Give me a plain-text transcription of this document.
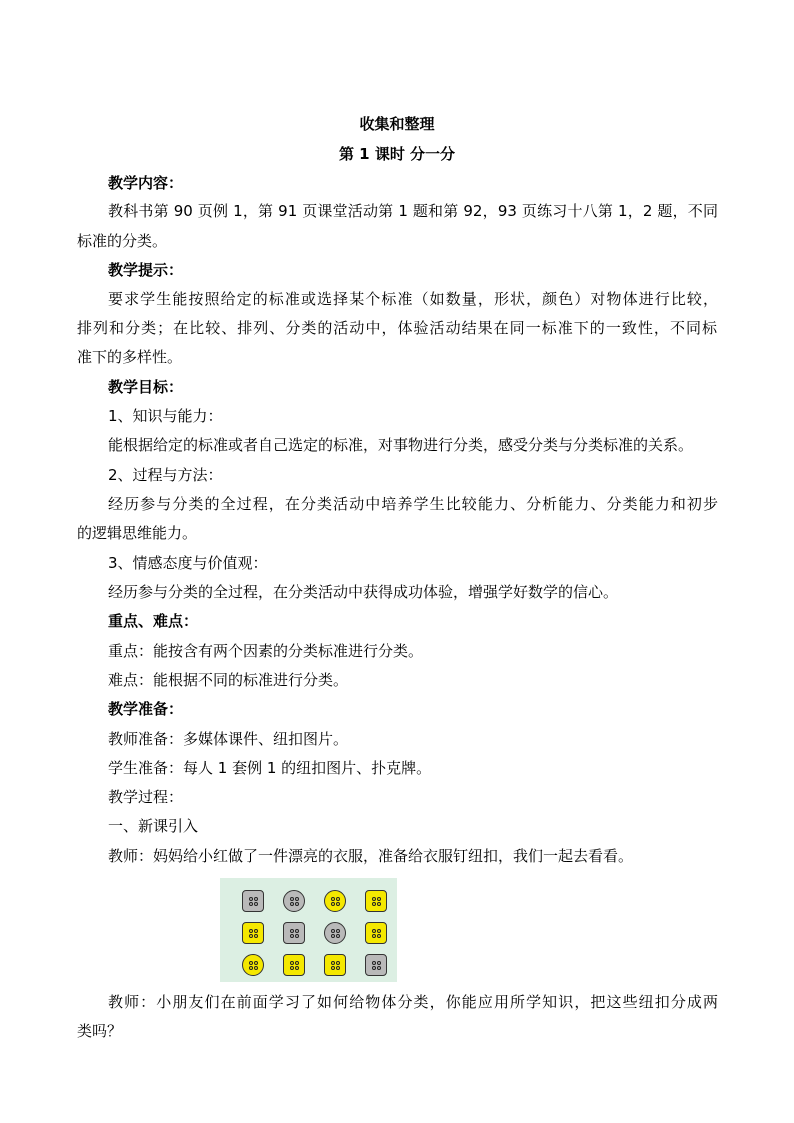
收集和整理
第 1 课时 分一分
教学内容：
教科书第 90 页例 1，第 91 页课堂活动第 1 题和第 92，93 页练习十八第 1，2 题，不同
标准的分类。
教学提示：
要求学生能按照给定的标准或选择某个标准（如数量，形状，颜色）对物体进行比较，
排列和分类；在比较、排列、分类的活动中，体验活动结果在同一标准下的一致性，不同标
准下的多样性。
教学目标：
1、知识与能力：
能根据给定的标准或者自己选定的标准，对事物进行分类，感受分类与分类标准的关系。
2、过程与方法：
经历参与分类的全过程，在分类活动中培养学生比较能力、分析能力、分类能力和初步
的逻辑思维能力。
3、情感态度与价值观：
经历参与分类的全过程，在分类活动中获得成功体验，增强学好数学的信心。
重点、难点：
重点：能按含有两个因素的分类标准进行分类。
难点：能根据不同的标准进行分类。
教学准备：
教师准备：多媒体课件、纽扣图片。
学生准备：每人 1 套例 1 的纽扣图片、扑克牌。
教学过程：
一、新课引入
教师：妈妈给小红做了一件漂亮的衣服，准备给衣服钉纽扣，我们一起去看看。
教师：小朋友们在前面学习了如何给物体分类，你能应用所学知识，把这些纽扣分成两
类吗？
